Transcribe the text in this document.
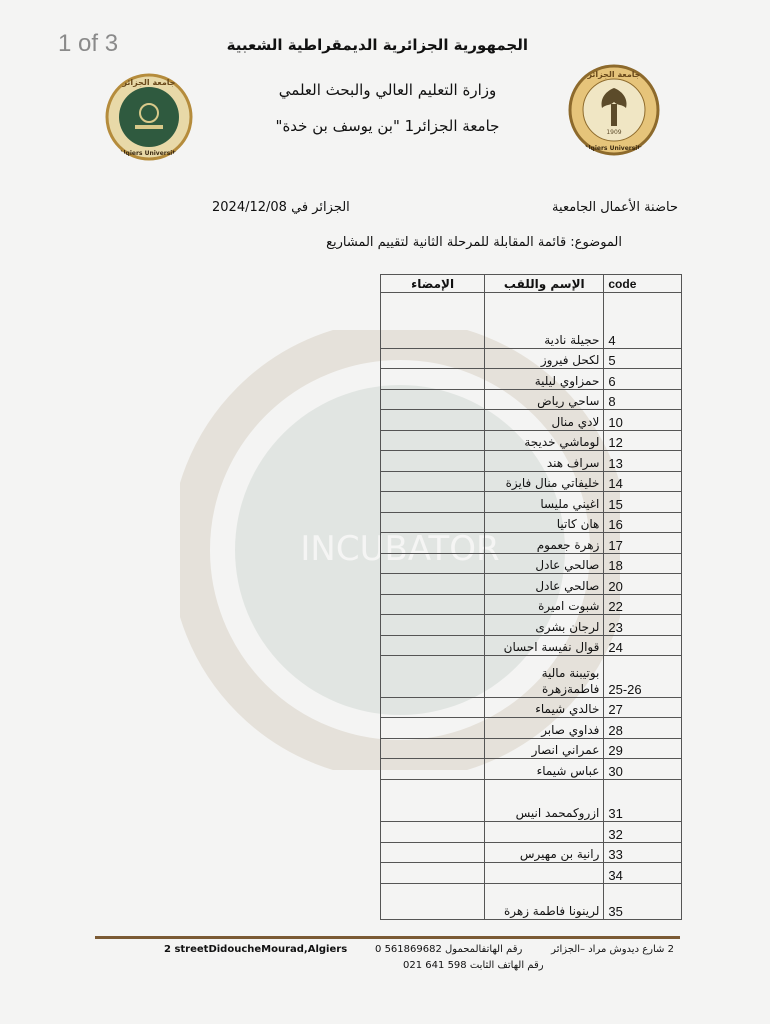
INCUBATOR
1 of 3
جامعة الجزائر
Algiers University
1909
جامعة الجزائر
Algiers University
الجمهورية الجزائرية الديمقراطية الشعبية
وزارة التعليم العالي والبحث العلمي
جامعة الجزائر1 "بن يوسف بن خدة"
حاضنة الأعمال الجامعية
الجزائر في 2024/12/08
الموضوع: قائمة المقابلة للمرحلة الثانية لتقييم المشاريع
الإمضاء	الإسم واللقب	code
	حجيلة نادية	4
	لكحل فيروز	5
	حمزاوي ليلية	6
	ساحي رياض	8
	لادي منال	10
	لوماشي خديجة	12
	سراف هند	13
	خليفاتي منال فايزة	14
	اغيني مليسا	15
	هان كاتيا	16
	زهرة جعموم	17
	صالحي عادل	18
	صالحي عادل	20
	شبوت اميرة	22
	لرجان بشرى	23
	قوال نفيسة احسان	24
	بوتيبنة مالية فاطمةزهرة	25-26
	خالدي شيماء	27
	فداوي صابر	28
	عمراني انصار	29
	عباس شيماء	30
	ازروكمحمد انيس	31
		32
	رانية بن مهيرس	33
		34
	لرينونا فاطمة زهرة	35
2 شارع ديدوش مراد –الجزائر
رقم الهاتفالمحمول 561869682 0
2 streetDidoucheMourad,Algiers
رقم الهاتف الثابت 598 641 021
